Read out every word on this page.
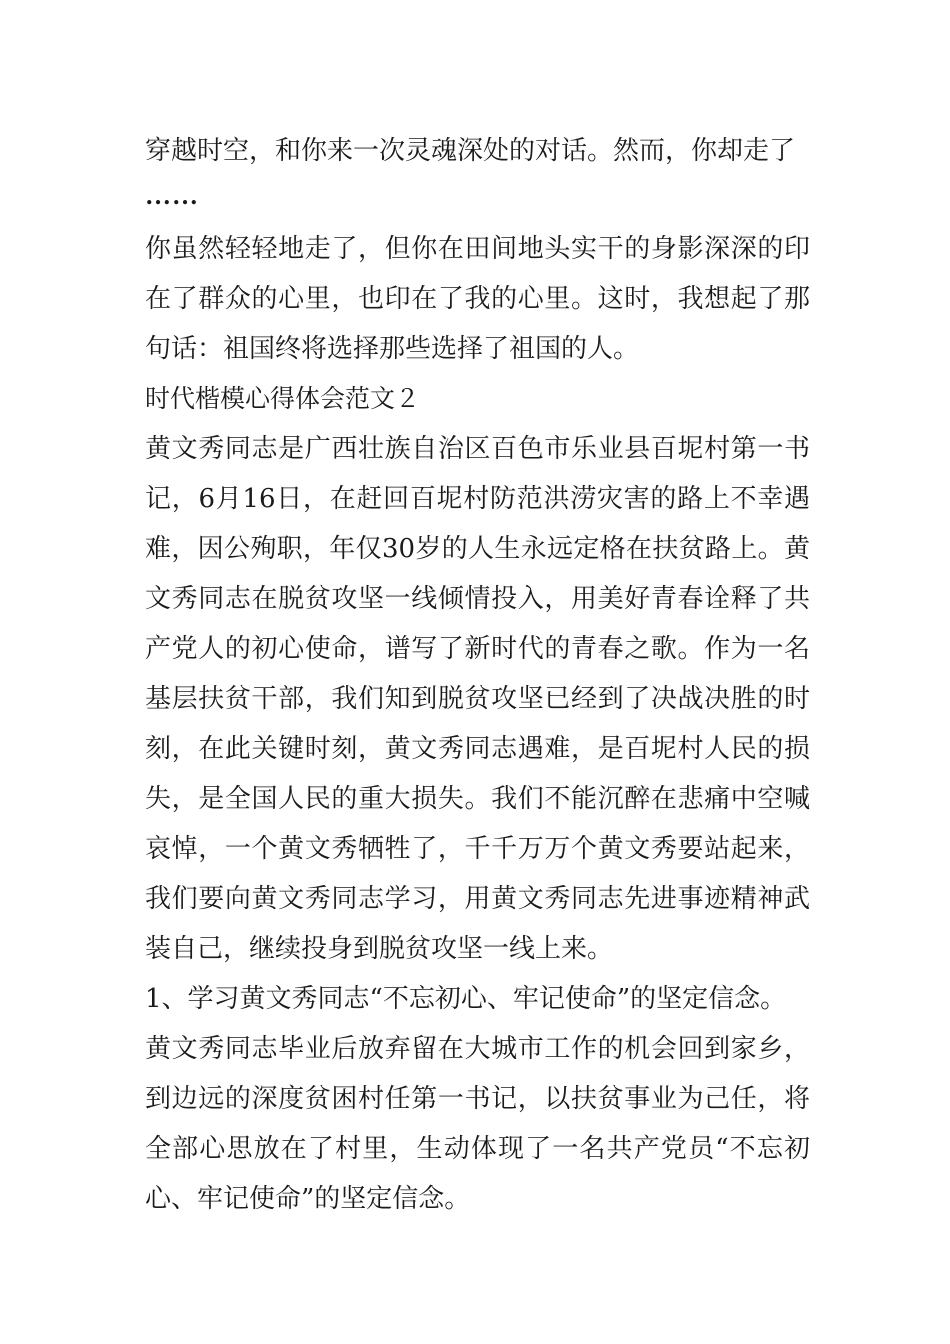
穿越时空，和你来一次灵魂深处的对话。然而，你却走了

……

你虽然轻轻地走了，但你在田间地头实干的身影深深的印在了群众的心里，也印在了我的心里。这时，我想起了那句话：祖国终将选择那些选择了祖国的人。

时代楷模心得体会范文２

黄文秀同志是广西壮族自治区百色市乐业县百坭村第一书记，6月16日，在赶回百坭村防范洪涝灾害的路上不幸遇难，因公殉职，年仅30岁的人生永远定格在扶贫路上。黄文秀同志在脱贫攻坚一线倾情投入，用美好青春诠释了共产党人的初心使命，谱写了新时代的青春之歌。作为一名基层扶贫干部，我们知到脱贫攻坚已经到了决战决胜的时刻，在此关键时刻，黄文秀同志遇难，是百坭村人民的损失，是全国人民的重大损失。我们不能沉醉在悲痛中空喊哀悼，一个黄文秀牺牲了，千千万万个黄文秀要站起来，我们要向黄文秀同志学习，用黄文秀同志先进事迹精神武装自己，继续投身到脱贫攻坚一线上来。

1、学习黄文秀同志“不忘初心、牢记使命”的坚定信念。

黄文秀同志毕业后放弃留在大城市工作的机会回到家乡，到边远的深度贫困村任第一书记，以扶贫事业为己任，将全部心思放在了村里，生动体现了一名共产党员“不忘初心、牢记使命”的坚定信念。
